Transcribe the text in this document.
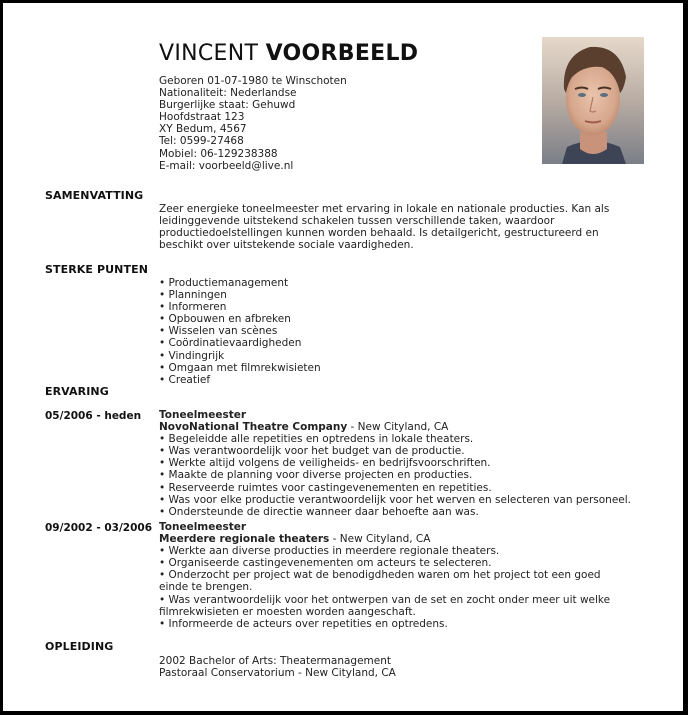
VINCENT VOORBEELD
Geboren 01-07-1980 te Winschoten
Nationaliteit: Nederlandse
Burgerlijke staat: Gehuwd
Hoofdstraat 123
XY Bedum, 4567
Tel: 0599-27468
Mobiel: 06-129238388
E-mail: voorbeeld@live.nl
SAMENVATTING
Zeer energieke toneelmeester met ervaring in lokale en nationale producties. Kan als
leidinggevende uitstekend schakelen tussen verschillende taken, waardoor
productiedoelstellingen kunnen worden behaald. Is detailgericht, gestructureerd en
beschikt over uitstekende sociale vaardigheden.
STERKE PUNTEN
• Productiemanagement
• Planningen
• Informeren
• Opbouwen en afbreken
• Wisselen van scènes
• Coördinatievaardigheden
• Vindingrijk
• Omgaan met filmrekwisieten
• Creatief
ERVARING
05/2006 - heden Toneelmeester
NovoNational Theatre Company - New Cityland, CA
• Begeleidde alle repetities en optredens in lokale theaters.
• Was verantwoordelijk voor het budget van de productie.
• Werkte altijd volgens de veiligheids- en bedrijfsvoorschriften.
• Maakte de planning voor diverse projecten en producties.
• Reserveerde ruimtes voor castingevenementen en repetities.
• Was voor elke productie verantwoordelijk voor het werven en selecteren van personeel.
• Ondersteunde de directie wanneer daar behoefte aan was.
09/2002 - 03/2006 Toneelmeester
Meerdere regionale theaters - New Cityland, CA
• Werkte aan diverse producties in meerdere regionale theaters.
• Organiseerde castingevenementen om acteurs te selecteren.
• Onderzocht per project wat de benodigdheden waren om het project tot een goed einde te brengen.
• Was verantwoordelijk voor het ontwerpen van de set en zocht onder meer uit welke filmrekwisieten er moesten worden aangeschaft.
• Informeerde de acteurs over repetities en optredens.
OPLEIDING
2002 Bachelor of Arts: Theatermanagement
Pastoraal Conservatorium - New Cityland, CA
